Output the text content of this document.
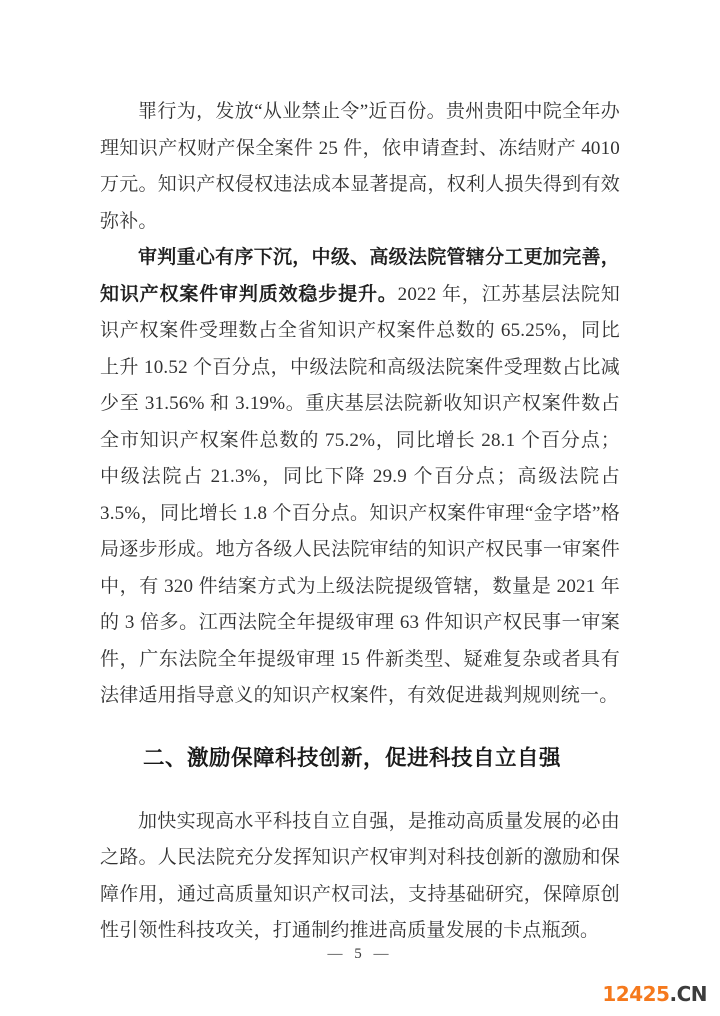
罪行为，发放“从业禁止令”近百份。贵州贵阳中院全年办理知识产权财产保全案件 25 件，依申请查封、冻结财产 4010 万元。知识产权侵权违法成本显著提高，权利人损失得到有效弥补。

审判重心有序下沉，中级、高级法院管辖分工更加完善，知识产权案件审判质效稳步提升。2022 年，江苏基层法院知识产权案件受理数占全省知识产权案件总数的 65.25%，同比上升 10.52 个百分点，中级法院和高级法院案件受理数占比减少至 31.56% 和 3.19%。重庆基层法院新收知识产权案件数占全市知识产权案件总数的 75.2%，同比增长 28.1 个百分点；中级法院占 21.3%，同比下降 29.9 个百分点；高级法院占 3.5%，同比增长 1.8 个百分点。知识产权案件审理“金字塔”格局逐步形成。地方各级人民法院审结的知识产权民事一审案件中，有 320 件结案方式为上级法院提级管辖，数量是 2021 年的 3 倍多。江西法院全年提级审理 63 件知识产权民事一审案件，广东法院全年提级审理 15 件新类型、疑难复杂或者具有法律适用指导意义的知识产权案件，有效促进裁判规则统一。

二、激励保障科技创新，促进科技自立自强

加快实现高水平科技自立自强，是推动高质量发展的必由之路。人民法院充分发挥知识产权审判对科技创新的激励和保障作用，通过高质量知识产权司法，支持基础研究，保障原创性引领性科技攻关，打通制约推进高质量发展的卡点瓶颈。

— 5 —
12425.CN
